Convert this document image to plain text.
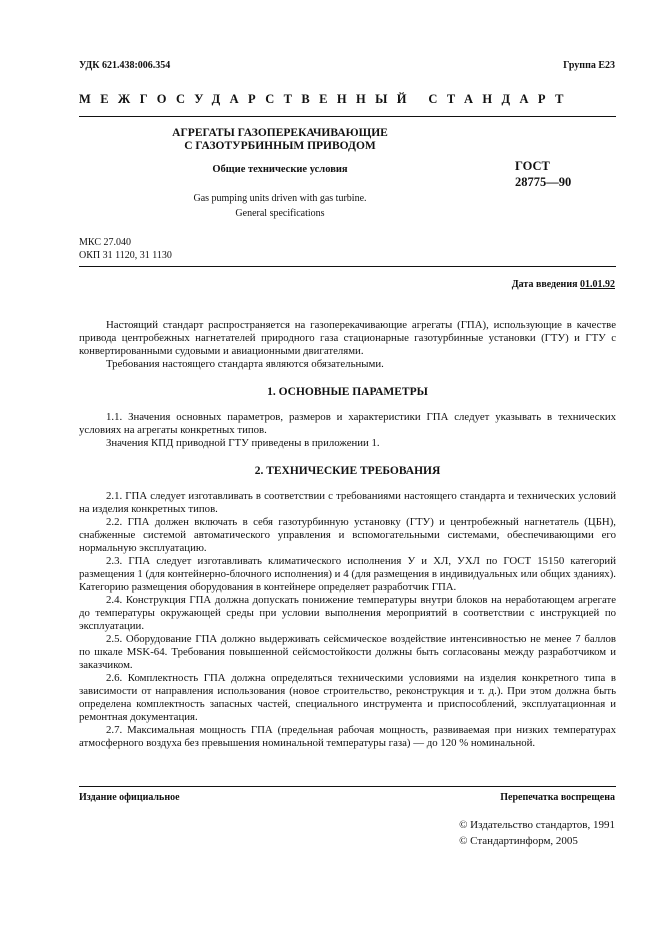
УДК 621.438:006.354	Группа Е23
МЕЖГОСУДАРСТВЕННЫЙ СТАНДАРТ
АГРЕГАТЫ ГАЗОПЕРЕКАЧИВАЮЩИЕ
С ГАЗОТУРБИННЫМ ПРИВОДОМ
Общие технические условия
Gas pumping units driven with gas turbine.
General specifications
ГОСТ
28775—90
МКС 27.040
ОКП 31 1120, 31 1130
Дата введения 01.01.92

Настоящий стандарт распространяется на газоперекачивающие агрегаты (ГПА), использующие в качестве привода центробежных нагнетателей природного газа стационарные газотурбинные установки (ГТУ) и ГТУ с конвертированными судовыми и авиационными двигателями.

Требования настоящего стандарта являются обязательными.

1. ОСНОВНЫЕ ПАРАМЕТРЫ

1.1. Значения основных параметров, размеров и характеристики ГПА следует указывать в технических условиях на агрегаты конкретных типов.

Значения КПД приводной ГТУ приведены в приложении 1.

2. ТЕХНИЧЕСКИЕ ТРЕБОВАНИЯ

2.1. ГПА следует изготавливать в соответствии с требованиями настоящего стандарта и технических условий на изделия конкретных типов.

2.2. ГПА должен включать в себя газотурбинную установку (ГТУ) и центробежный нагнетатель (ЦБН), снабженные системой автоматического управления и вспомогательными системами, обеспечивающими его нормальную эксплуатацию.

2.3. ГПА следует изготавливать климатического исполнения У и ХЛ, УХЛ по ГОСТ 15150 категорий размещения 1 (для контейнерно-блочного исполнения) и 4 (для размещения в индивидуальных или общих зданиях). Категорию размещения оборудования в контейнере определяет разработчик ГПА.

2.4. Конструкция ГПА должна допускать понижение температуры внутри блоков на неработающем агрегате до температуры окружающей среды при условии выполнения мероприятий в соответствии с инструкцией по эксплуатации.

2.5. Оборудование ГПА должно выдерживать сейсмическое воздействие интенсивностью не менее 7 баллов по шкале MSK-64. Требования повышенной сейсмостойкости должны быть согласованы между разработчиком и заказчиком.

2.6. Комплектность ГПА должна определяться техническими условиями на изделия конкретного типа в зависимости от направления использования (новое строительство, реконструкция и т. д.). При этом должна быть определена комплектность запасных частей, специального инструмента и приспособлений, эксплуатационная и ремонтная документация.

2.7. Максимальная мощность ГПА (предельная рабочая мощность, развиваемая при низких температурах атмосферного воздуха без превышения номинальной температуры газа) — до 120 % номинальной.

Издание официальное	Перепечатка воспрещена
© Издательство стандартов, 1991
© Стандартинформ, 2005
